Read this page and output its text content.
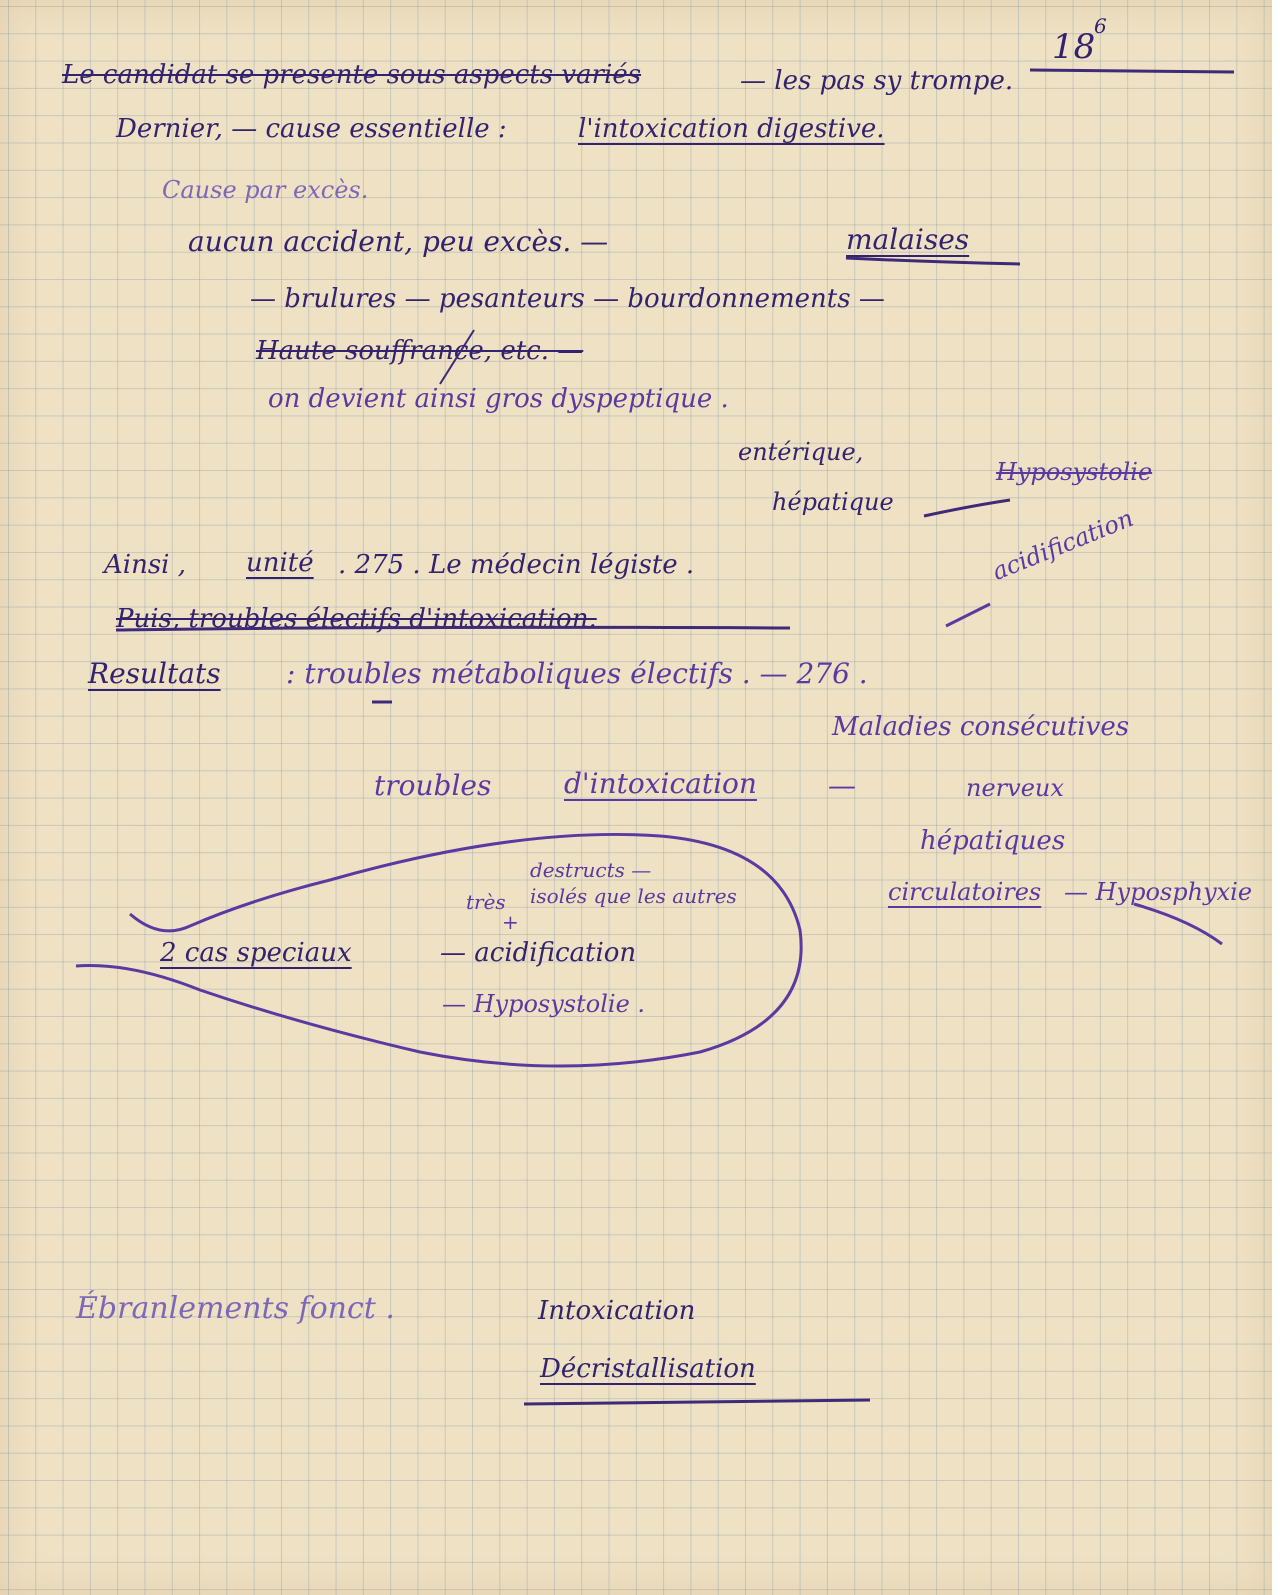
18
6
Le candidat se presente sous aspects variés	— les pas sy trompe.
Dernier, — cause essentielle :	l'intoxication digestive.
Cause par excès.
aucun accident, peu excès. —	malaises
— brulures — pesanteurs — bourdonnements —
Haute souffrance, etc. —
on devient ainsi gros dyspeptique .
entérique,
hépatique
Hyposystolie
Ainsi , unité . 275 . Le médecin légiste .
Puis, troubles électifs d'intoxication.
acidification
Resultats : troubles métaboliques électifs . — 276 .
Maladies consécutives
troubles	d'intoxication	—	nerveux
hépatiques
circulatoires — Hyposphyxie
destructs —
isolés que les autres
très
+
2 cas speciaux	— acidification
— Hyposystolie .
Ébranlements fonct .	Intoxication
Décristallisation
